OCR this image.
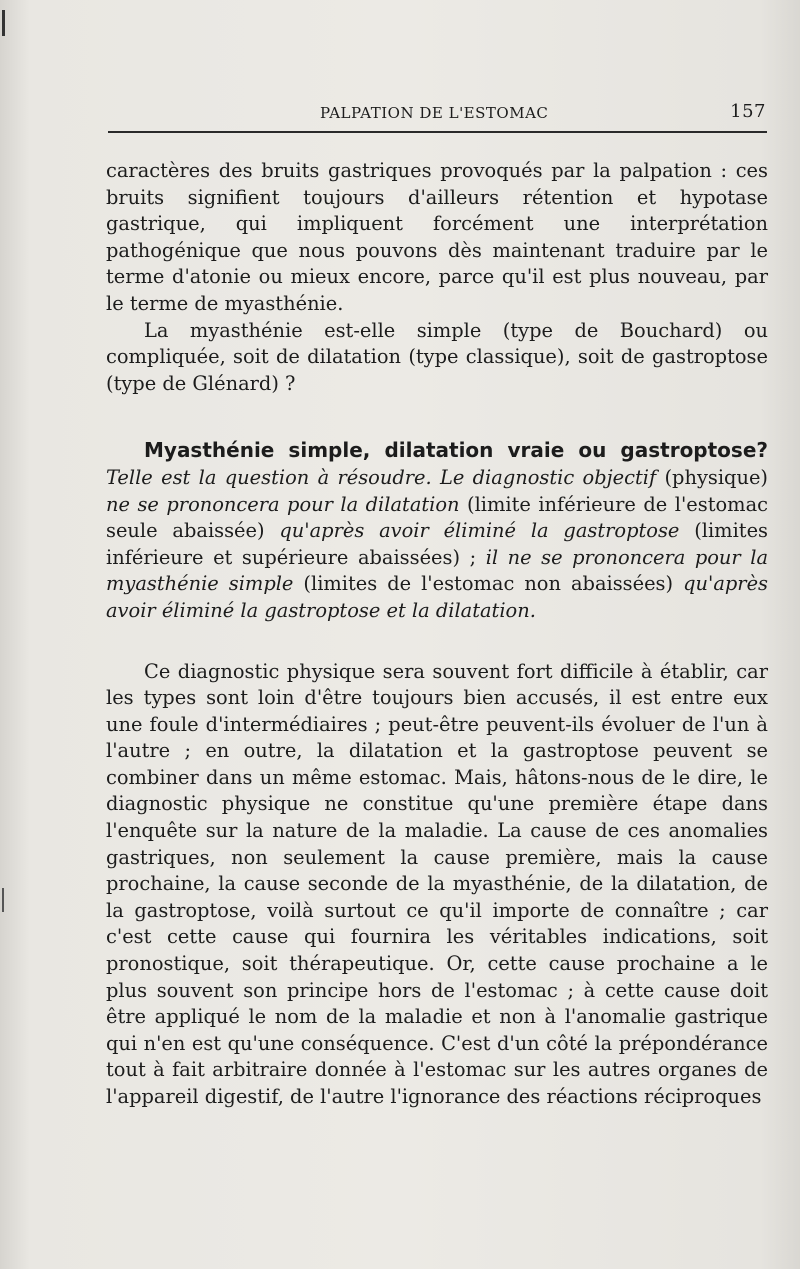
PALPATION DE L'ESTOMAC	157

caractères des bruits gastriques provoqués par la palpation : ces bruits signifient toujours d'ailleurs rétention et hypotase gastrique, qui impliquent forcément une interprétation pathogénique que nous pouvons dès maintenant traduire par le terme d'atonie ou mieux encore, parce qu'il est plus nouveau, par le terme de myasthénie.

La myasthénie est-elle simple (type de Bouchard) ou compliquée, soit de dilatation (type classique), soit de gastroptose (type de Glénard) ?

Myasthénie simple, dilatation vraie ou gastroptose? Telle est la question à résoudre. Le diagnostic objectif (physique) ne se prononcera pour la dilatation (limite inférieure de l'estomac seule abaissée) qu'après avoir éliminé la gastroptose (limites inférieure et supérieure abaissées) ; il ne se prononcera pour la myasthénie simple (limites de l'estomac non abaissées) qu'après avoir éliminé la gastroptose et la dilatation.

Ce diagnostic physique sera souvent fort difficile à établir, car les types sont loin d'être toujours bien accusés, il est entre eux une foule d'intermédiaires ; peut-être peuvent-ils évoluer de l'un à l'autre ; en outre, la dilatation et la gastroptose peuvent se combiner dans un même estomac. Mais, hâtons-nous de le dire, le diagnostic physique ne constitue qu'une première étape dans l'enquête sur la nature de la maladie. La cause de ces anomalies gastriques, non seulement la cause première, mais la cause prochaine, la cause seconde de la myasthénie, de la dilatation, de la gastroptose, voilà surtout ce qu'il importe de connaître ; car c'est cette cause qui fournira les véritables indications, soit pronostique, soit thérapeutique. Or, cette cause prochaine a le plus souvent son principe hors de l'estomac ; à cette cause doit être appliqué le nom de la maladie et non à l'anomalie gastrique qui n'en est qu'une conséquence. C'est d'un côté la prépondérance tout à fait arbitraire donnée à l'estomac sur les autres organes de l'appareil digestif, de l'autre l'ignorance des réactions réciproques
